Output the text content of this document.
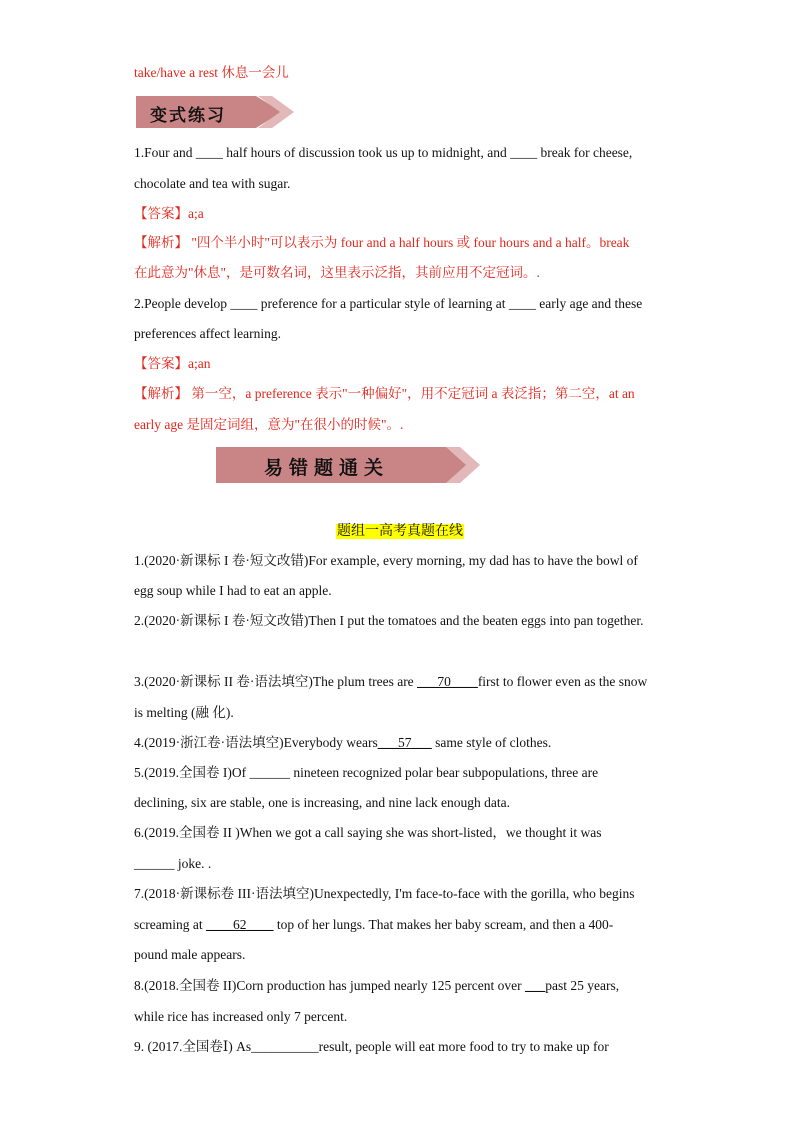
take/have a rest 休息一会儿
变式练习
1.Four and ____ half hours of discussion took us up to midnight, and ____ break for cheese,
chocolate and tea with sugar.
【答案】a;a
【解析】 "四个半小时"可以表示为 four and a half hours 或 four hours and a half。break
在此意为"休息"，是可数名词，这里表示泛指，其前应用不定冠词。.
2.People develop ____ preference for a particular style of learning at ____ early age and these
preferences affect learning.
【答案】a;an
【解析】 第一空，a preference 表示"一种偏好"，用不定冠词 a 表泛指；第二空，at an
early age 是固定词组，意为"在很小的时候"。.
易错题通关
题组一高考真题在线
1.(2020·新课标 I 卷·短文改错)For example, every morning, my dad has to have the bowl of
egg soup while I had to eat an apple.
2.(2020·新课标 I 卷·短文改错)Then I put the tomatoes and the beaten eggs into pan together.
3.(2020·新课标 II 卷·语法填空)The plum trees are ___70____first to flower even as the snow
is melting (融 化).
4.(2019·浙江卷·语法填空)Everybody wears___57___ same style of clothes.
5.(2019.全国卷 I)Of ______ nineteen recognized polar bear subpopulations, three are
declining, six are stable, one is increasing, and nine lack enough data.
6.(2019.全国卷 II )When we got a call saying she was short-listed，we thought it was
______ joke. .
7.(2018·新课标卷 III·语法填空)Unexpectedly, I'm face-to-face with the gorilla, who begins
screaming at ____62____ top of her lungs. That makes her baby scream, and then a 400-
pound male appears.
8.(2018.全国卷 II)Corn production has jumped nearly 125 percent over ___past 25 years,
while rice has increased only 7 percent.
9. (2017.全国卷Ⅰ) As__________result, people will eat more food to try to make up for
